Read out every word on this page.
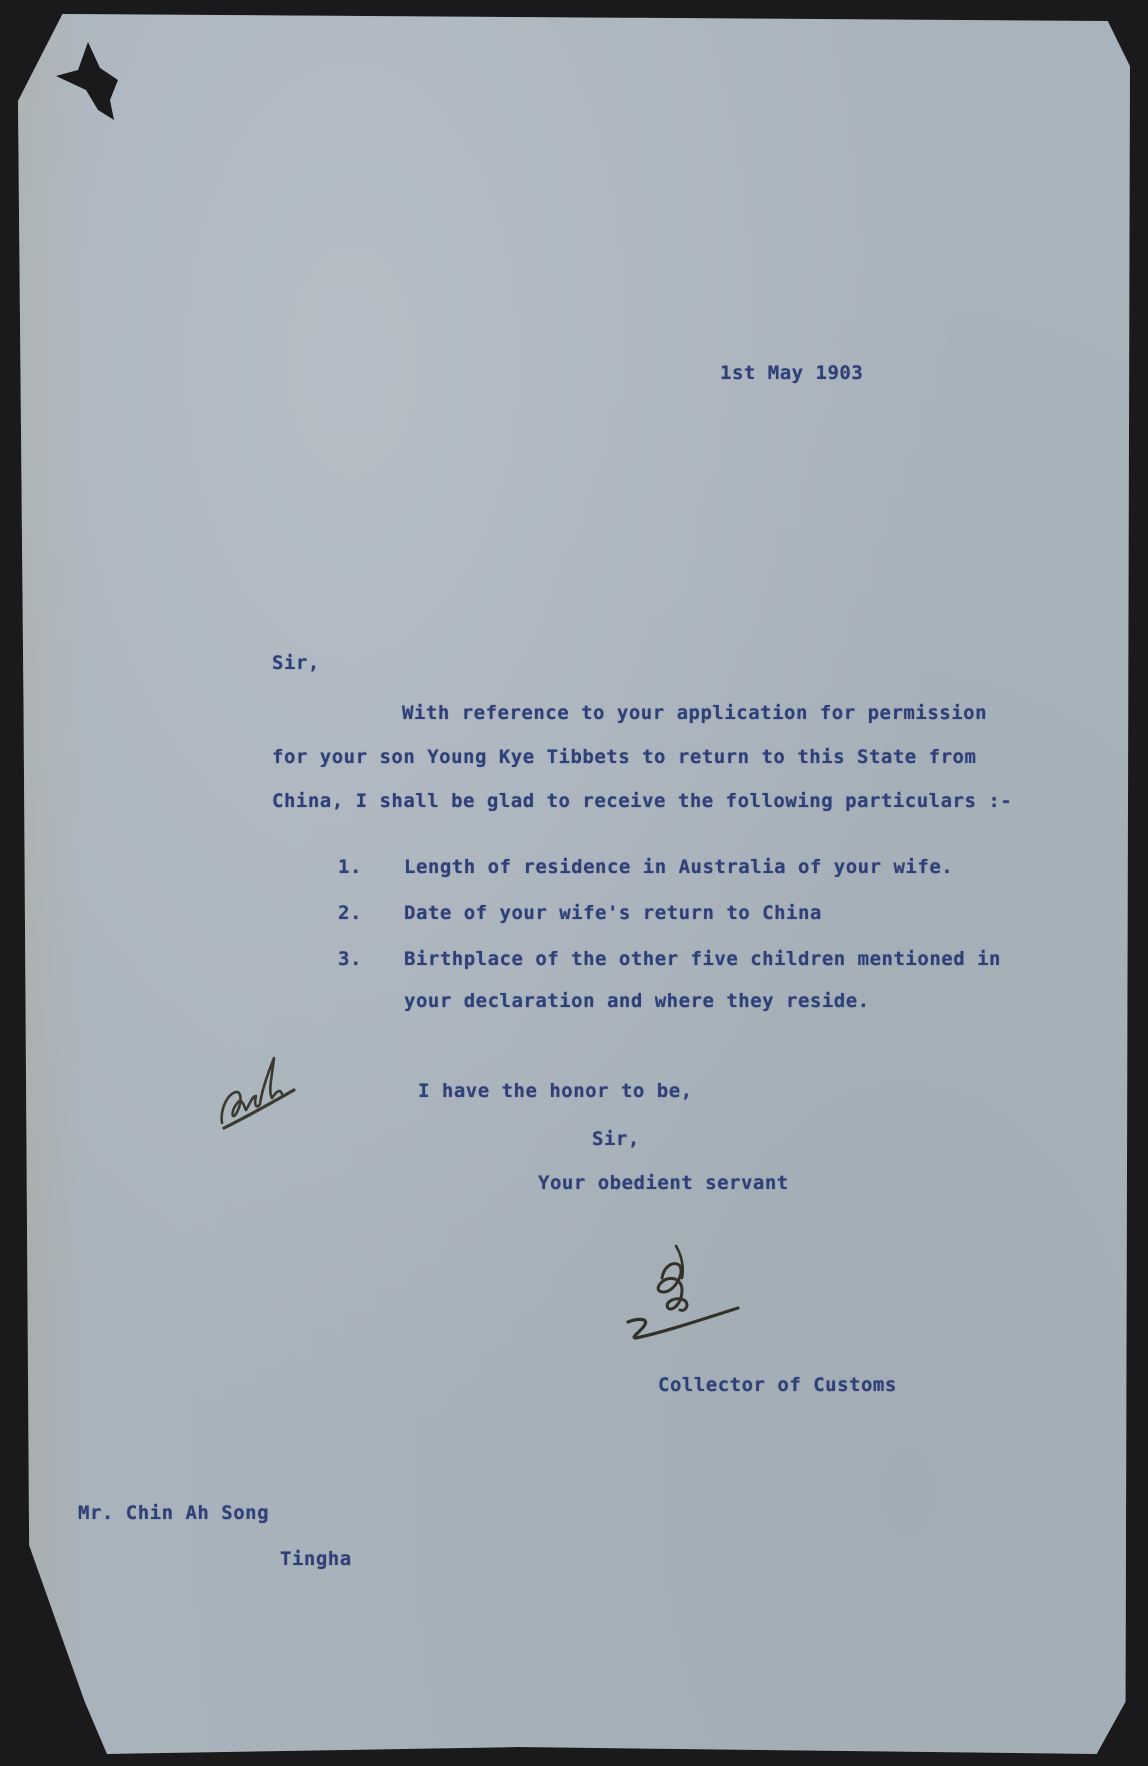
1st May 1903
Sir,
With reference to your application for permission
for your son Young Kye Tibbets to return to this State from
China, I shall be glad to receive the following particulars :-
1. Length of residence in Australia of your wife.
2. Date of your wife's return to China
3. Birthplace of the other five children mentioned in
your declaration and where they reside.
I have the honor to be,
Sir,
Your obedient servant
Collector of Customs
Mr. Chin Ah Song
Tingha
